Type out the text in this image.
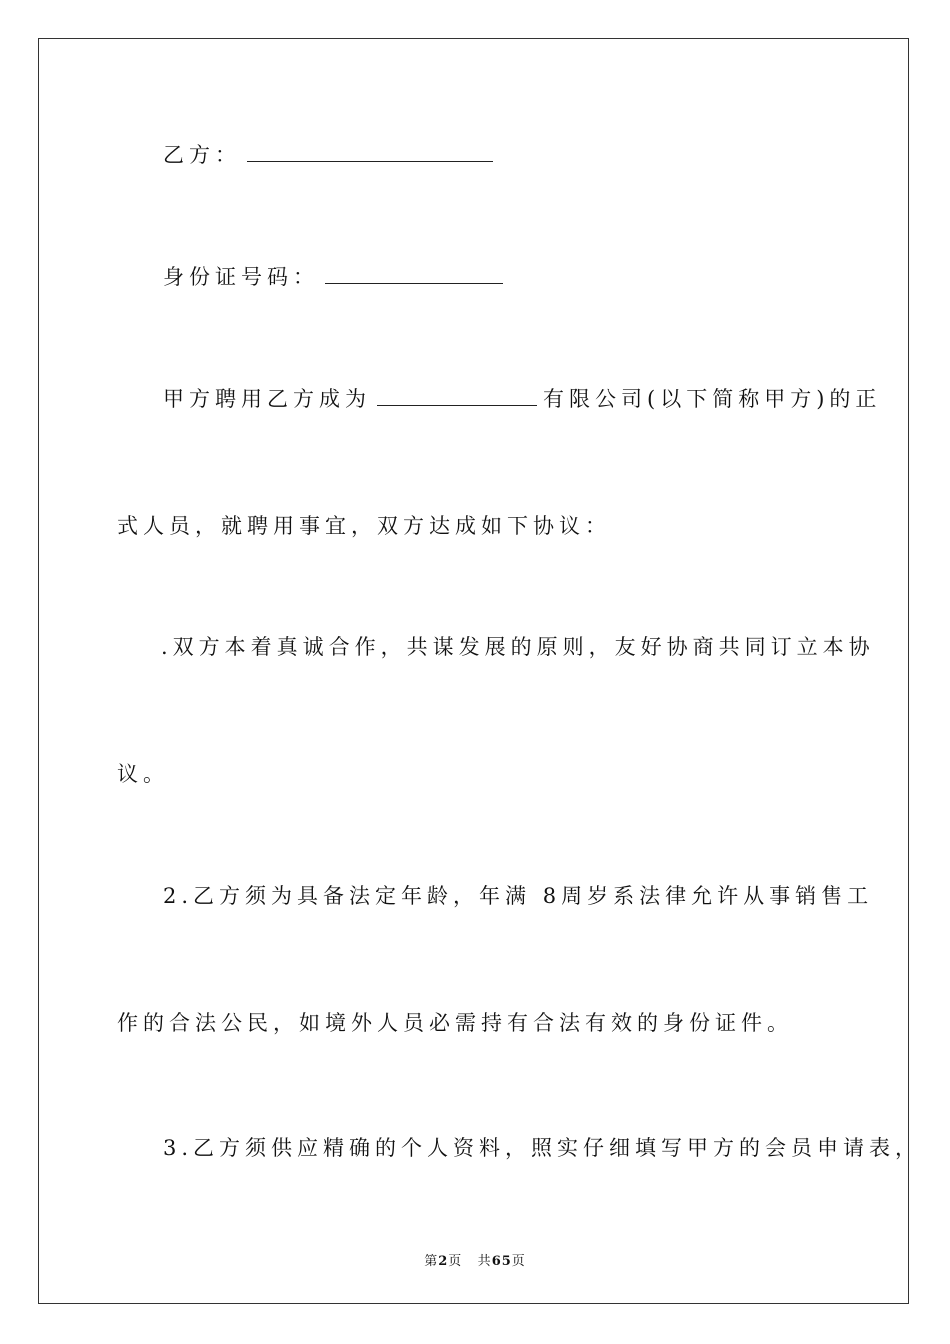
乙方：
身份证号码：
甲方聘用乙方成为	有限公司(以下简称甲方)的正
式人员，就聘用事宜，双方达成如下协议：
.双方本着真诚合作，共谋发展的原则，友好协商共同订立本协
议。
2.乙方须为具备法定年龄，年满 8周岁系法律允许从事销售工
作的合法公民，如境外人员必需持有合法有效的身份证件。
3.乙方须供应精确的个人资料，照实仔细填写甲方的会员申请表，
第2页 共65页
